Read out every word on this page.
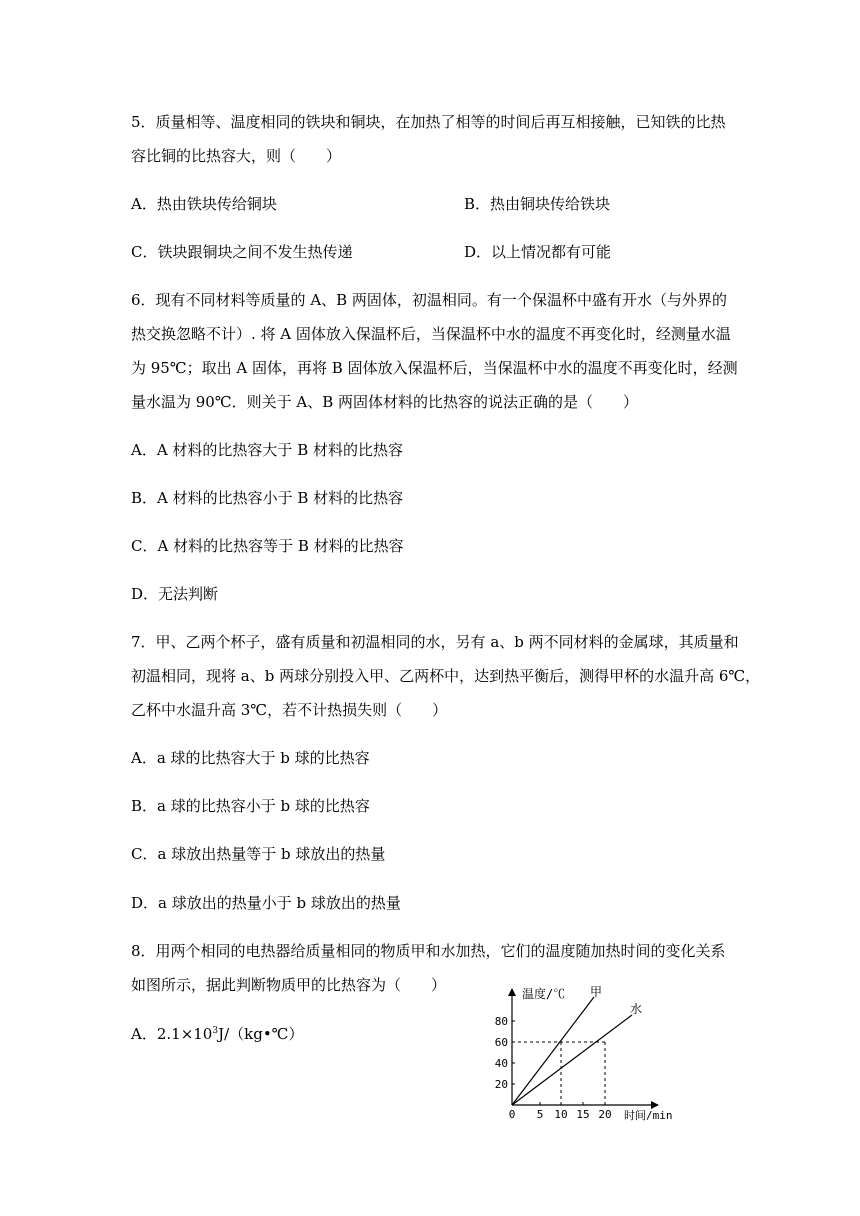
5．质量相等、温度相同的铁块和铜块，在加热了相等的时间后再互相接触，已知铁的比热
容比铜的比热容大，则（　　）
A．热由铁块传给铜块	B．热由铜块传给铁块
C．铁块跟铜块之间不发生热传递	D．以上情况都有可能
6．现有不同材料等质量的 A、B 两固体，初温相同。有一个保温杯中盛有开水（与外界的
热交换忽略不计）. 将 A 固体放入保温杯后，当保温杯中水的温度不再变化时，经测量水温
为 95℃；取出 A 固体，再将 B 固体放入保温杯后，当保温杯中水的温度不再变化时，经测
量水温为 90℃．则关于 A、B 两固体材料的比热容的说法正确的是（　　）
A．A 材料的比热容大于 B 材料的比热容
B．A 材料的比热容小于 B 材料的比热容
C．A 材料的比热容等于 B 材料的比热容
D．无法判断
7．甲、乙两个杯子，盛有质量和初温相同的水，另有 a、b 两不同材料的金属球，其质量和
初温相同，现将 a、b 两球分别投入甲、乙两杯中，达到热平衡后，测得甲杯的水温升高 6℃，
乙杯中水温升高 3℃，若不计热损失则（　　）
A．a 球的比热容大于 b 球的比热容
B．a 球的比热容小于 b 球的比热容
C．a 球放出热量等于 b 球放出的热量
D．a 球放出的热量小于 b 球放出的热量
8．用两个相同的电热器给质量相同的物质甲和水加热，它们的温度随加热时间的变化关系
如图所示，据此判断物质甲的比热容为（　　）
A．$2.1\times 10^3J/(kg•℃)$
20
40
60
80
0 5 10 15 20
温度/℃
时间/min
甲
水
